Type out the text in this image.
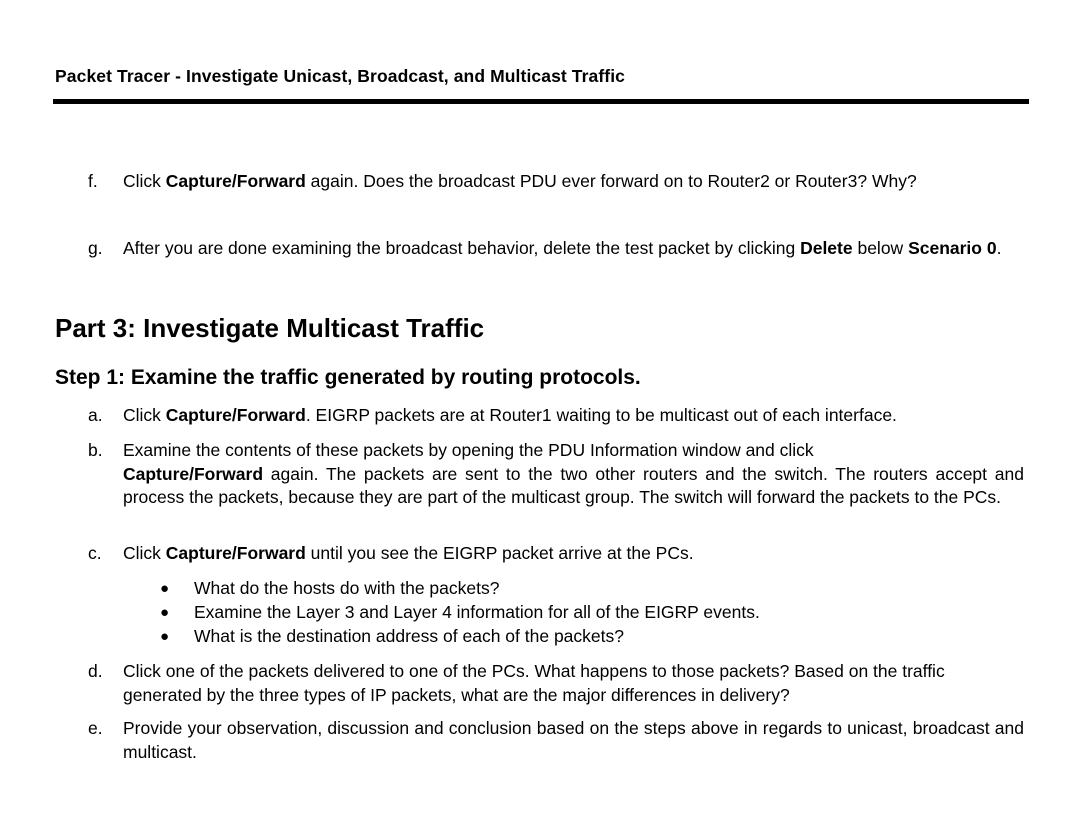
Packet Tracer - Investigate Unicast, Broadcast, and Multicast Traffic
f. Click Capture/Forward again. Does the broadcast PDU ever forward on to Router2 or Router3? Why?
g. After you are done examining the broadcast behavior, delete the test packet by clicking Delete below Scenario 0.
Part 3: Investigate Multicast Traffic
Step 1: Examine the traffic generated by routing protocols.
a. Click Capture/Forward. EIGRP packets are at Router1 waiting to be multicast out of each interface.
b. Examine the contents of these packets by opening the PDU Information window and click
Capture/Forward again. The packets are sent to the two other routers and the switch. The routers accept and process the packets, because they are part of the multicast group. The switch will forward the packets to the PCs.
c. Click Capture/Forward until you see the EIGRP packet arrive at the PCs.
● What do the hosts do with the packets?
● Examine the Layer 3 and Layer 4 information for all of the EIGRP events.
● What is the destination address of each of the packets?
d. Click one of the packets delivered to one of the PCs. What happens to those packets? Based on the traffic generated by the three types of IP packets, what are the major differences in delivery?
e. Provide your observation, discussion and conclusion based on the steps above in regards to unicast, broadcast and multicast.
